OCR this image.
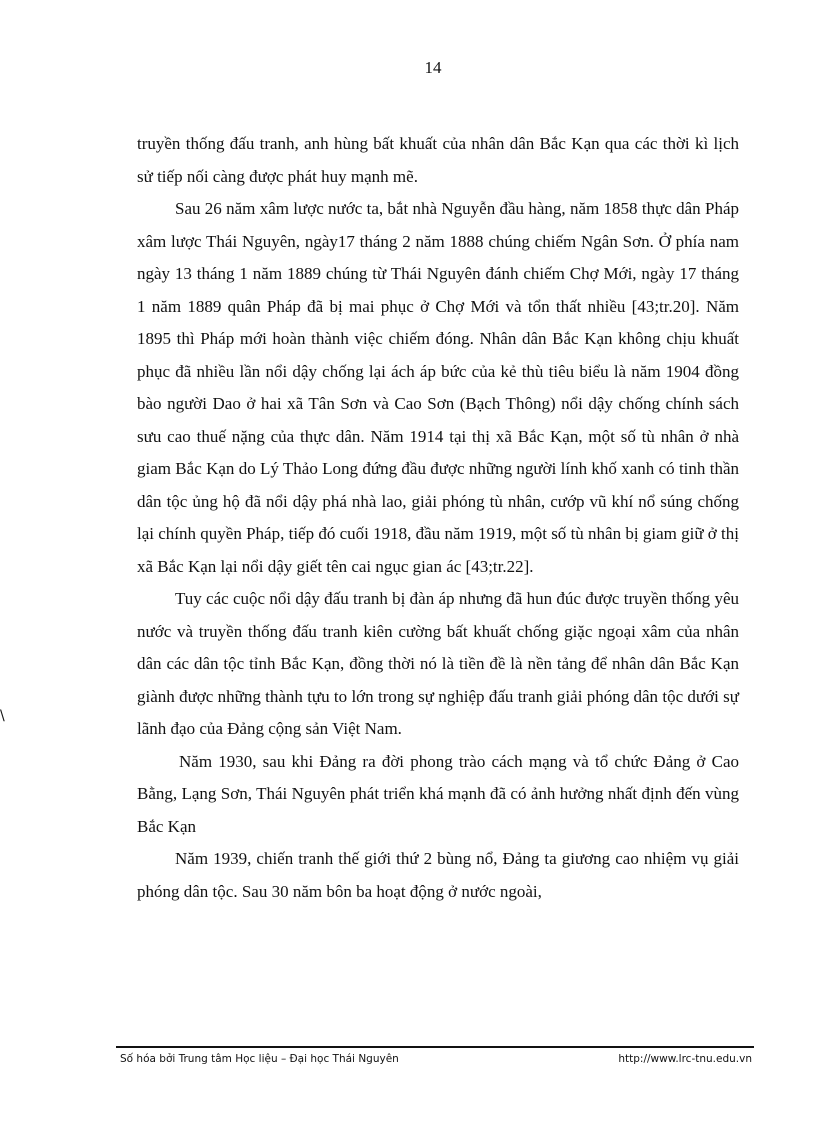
14
\

truyền thống đấu tranh, anh hùng bất khuất của nhân dân Bắc Kạn qua các thời kì lịch sử tiếp nối càng được phát huy mạnh mẽ.

Sau 26 năm xâm lược nước ta, bắt nhà Nguyễn đầu hàng, năm 1858 thực dân Pháp xâm lược Thái Nguyên, ngày17 tháng 2 năm 1888 chúng chiếm Ngân Sơn. Ở phía nam ngày 13 tháng 1 năm 1889 chúng từ Thái Nguyên đánh chiếm Chợ Mới, ngày 17 tháng 1 năm 1889 quân Pháp đã bị mai phục ở Chợ Mới và tổn thất nhiều [43;tr.20]. Năm 1895 thì Pháp mới hoàn thành việc chiếm đóng. Nhân dân Bắc Kạn không chịu khuất phục đã nhiều lần nổi dậy chống lại ách áp bức của kẻ thù tiêu biểu là năm 1904 đồng bào người Dao ở hai xã Tân Sơn và Cao Sơn (Bạch Thông) nổi dậy chống chính sách sưu cao thuế nặng của thực dân. Năm 1914 tại thị xã Bắc Kạn, một số tù nhân ở nhà giam Bắc Kạn do Lý Thảo Long đứng đầu được những người lính khố xanh có tinh thần dân tộc ủng hộ đã nổi dậy phá nhà lao, giải phóng tù nhân, cướp vũ khí nổ súng chống lại chính quyền Pháp, tiếp đó cuối 1918, đầu năm 1919, một số tù nhân bị giam giữ ở thị xã Bắc Kạn lại nổi dậy giết tên cai ngục gian ác [43;tr.22].

Tuy các cuộc nổi dậy đấu tranh bị đàn áp nhưng đã hun đúc được truyền thống yêu nước và truyền thống đấu tranh kiên cường bất khuất chống giặc ngoại xâm của nhân dân các dân tộc tỉnh Bắc Kạn, đồng thời nó là tiền đề là nền tảng để nhân dân Bắc Kạn giành được những thành tựu to lớn trong sự nghiệp đấu tranh giải phóng dân tộc dưới sự lãnh đạo của Đảng cộng sản Việt Nam.

Năm 1930, sau khi Đảng ra đời phong trào cách mạng và tổ chức Đảng ở Cao Bằng, Lạng Sơn, Thái Nguyên phát triển khá mạnh đã có ảnh hưởng nhất định đến vùng Bắc Kạn

Năm 1939, chiến tranh thế giới thứ 2 bùng nổ, Đảng ta giương cao nhiệm vụ giải phóng dân tộc. Sau 30 năm bôn ba hoạt động ở nước ngoài,

Số hóa bởi Trung tâm Học liệu – Đại học Thái Nguyên	http://www.lrc-tnu.edu.vn
